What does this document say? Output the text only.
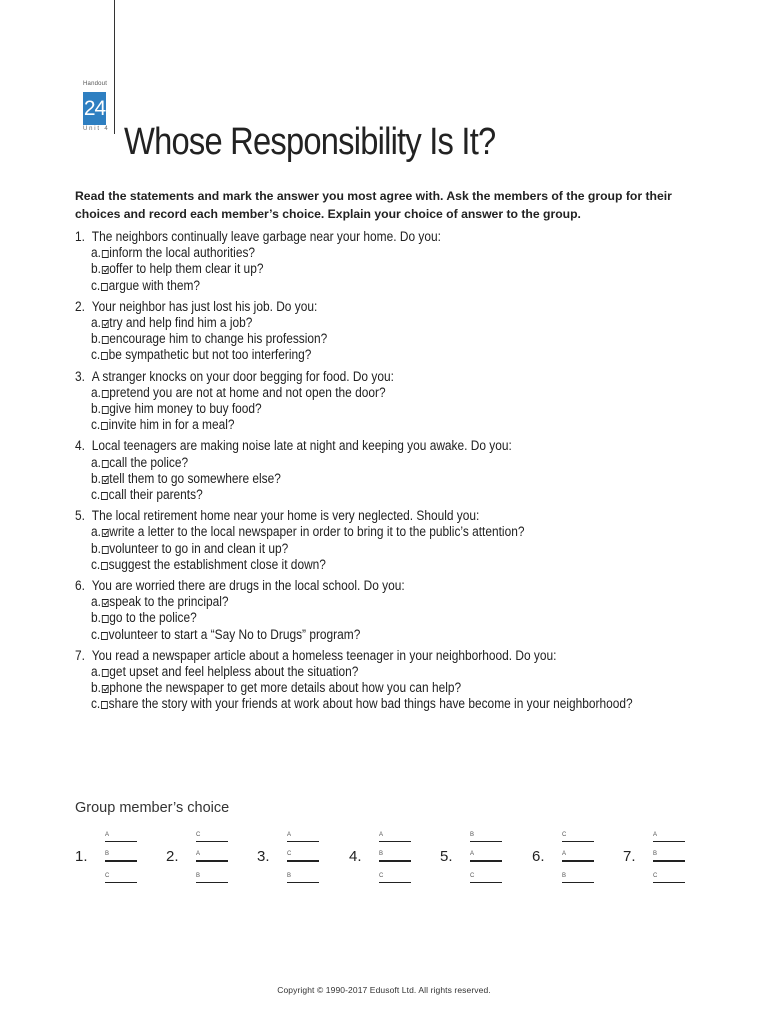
Handout
24
Unit 4 Whose Responsibility Is It?
Read the statements and mark the answer you most agree with. Ask the members of the group for their choices and record each member’s choice. Explain your choice of answer to the group.
1. The neighbors continually leave garbage near your home. Do you:
a. inform the local authorities?
b. offer to help them clear it up?
c. argue with them?
2. Your neighbor has just lost his job. Do you:
a. try and help find him a job?
b. encourage him to change his profession?
c. be sympathetic but not too interfering?
3. A stranger knocks on your door begging for food. Do you:
a. pretend you are not at home and not open the door?
b. give him money to buy food?
c. invite him in for a meal?
4. Local teenagers are making noise late at night and keeping you awake. Do you:
a. call the police?
b. tell them to go somewhere else?
c. call their parents?
5. The local retirement home near your home is very neglected. Should you:
a. write a letter to the local newspaper in order to bring it to the public’s attention?
b. volunteer to go in and clean it up?
c. suggest the establishment close it down?
6. You are worried there are drugs in the local school. Do you:
a. speak to the principal?
b. go to the police?
c. volunteer to start a “Say No to Drugs” program?
7. You read a newspaper article about a homeless teenager in your neighborhood. Do you:
a. get upset and feel helpless about the situation?
b. phone the newspaper to get more details about how you can help?
c. share the story with your friends at work about how bad things have become in your neighborhood?
Group member’s choice
1.
A
B
C
2.
C
A
B
3.
A
C
B
4.
A
B
C
5.
B
A
C
6.
C
A
B
7.
A
B
C
Copyright © 1990-2017 Edusoft Ltd. All rights reserved.
